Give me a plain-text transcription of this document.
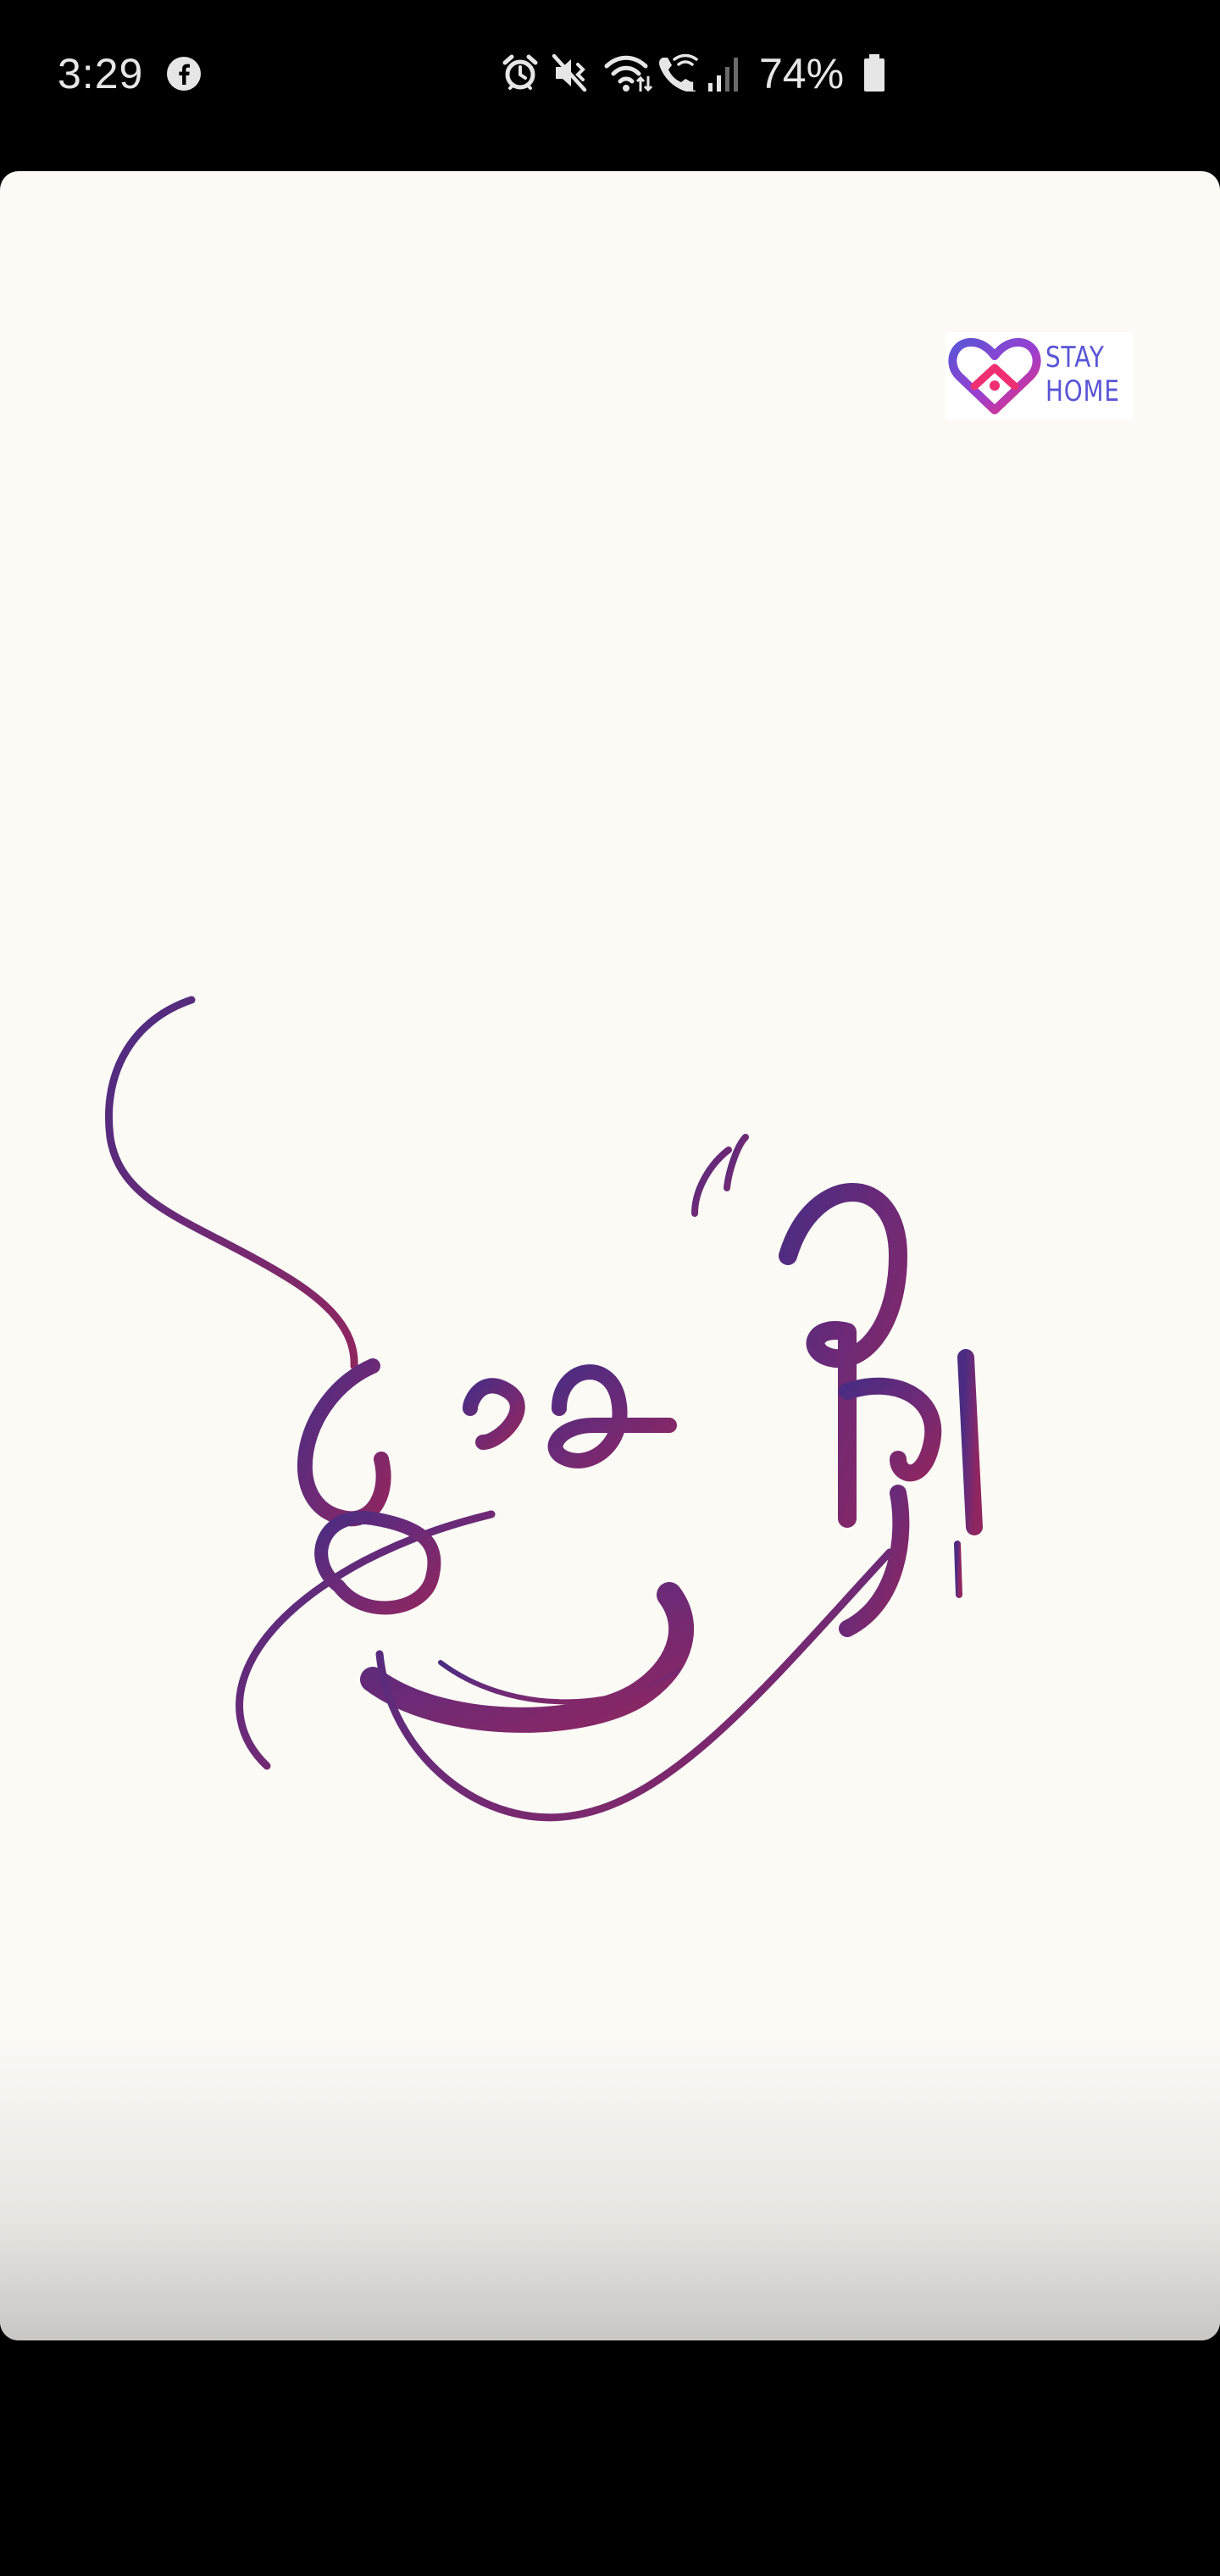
3:29	1 74%
STAY
HOME
